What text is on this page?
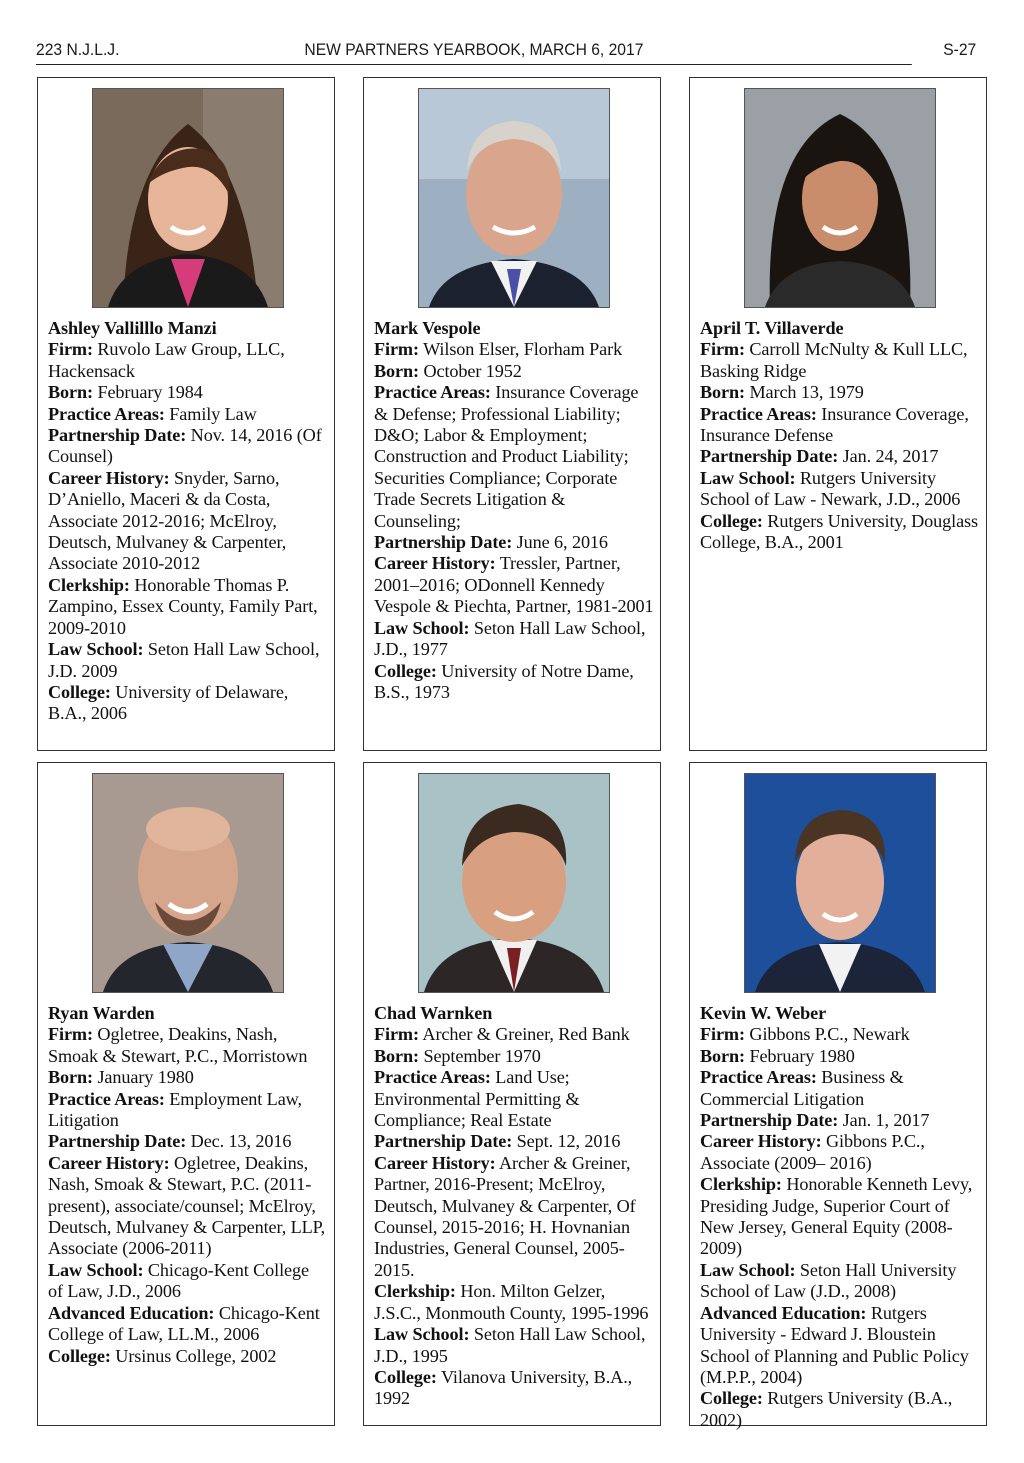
223 N.J.L.J.	NEW PARTNERS YEARBOOK, MARCH 6, 2017	S-27
Ashley Vallilllo Manzi

Firm: Ruvolo Law Group, LLC, Hackensack

Born: February 1984

Practice Areas: Family Law

Partnership Date: Nov. 14, 2016 (Of Counsel)

Career History: Snyder, Sarno, D’Aniello, Maceri & da Costa, Associate 2012-2016; McElroy, Deutsch, Mulvaney & Carpenter, Associate 2010-2012

Clerkship: Honorable Thomas P. Zampino, Essex County, Family Part, 2009-2010

Law School: Seton Hall Law School, J.D. 2009

College: University of Delaware, B.A., 2006

Mark Vespole

Firm: Wilson Elser, Florham Park

Born: October 1952

Practice Areas: Insurance Coverage & Defense; Professional Liability; D&O; Labor & Employment; Construction and Product Liability; Securities Compliance; Corporate Trade Secrets Litigation & Counseling;

Partnership Date: June 6, 2016

Career History: Tressler, Partner, 2001–2016; ODonnell Kennedy Vespole & Piechta, Partner, 1981-2001

Law School: Seton Hall Law School, J.D., 1977

College: University of Notre Dame, B.S., 1973

April T. Villaverde

Firm: Carroll McNulty & Kull LLC, Basking Ridge

Born: March 13, 1979

Practice Areas: Insurance Coverage, Insurance Defense

Partnership Date: Jan. 24, 2017

Law School: Rutgers University School of Law - Newark, J.D., 2006

College: Rutgers University, Douglass College, B.A., 2001

Ryan Warden

Firm: Ogletree, Deakins, Nash, Smoak & Stewart, P.C., Morristown

Born: January 1980

Practice Areas: Employment Law, Litigation

Partnership Date: Dec. 13, 2016

Career History: Ogletree, Deakins, Nash, Smoak & Stewart, P.C. (2011-present), associate/counsel; McElroy, Deutsch, Mulvaney & Carpenter, LLP, Associate (2006-2011)

Law School: Chicago-Kent College of Law, J.D., 2006

Advanced Education: Chicago-Kent College of Law, LL.M., 2006

College: Ursinus College, 2002

Chad Warnken

Firm: Archer & Greiner, Red Bank

Born: September 1970

Practice Areas: Land Use; Environmental Permitting & Compliance; Real Estate

Partnership Date: Sept. 12, 2016

Career History: Archer & Greiner, Partner, 2016-Present; McElroy, Deutsch, Mulvaney & Carpenter, Of Counsel, 2015-2016; H. Hovnanian Industries, General Counsel, 2005-2015.

Clerkship: Hon. Milton Gelzer, J.S.C., Monmouth County, 1995-1996

Law School: Seton Hall Law School, J.D., 1995

College: Vilanova University, B.A., 1992

Kevin W. Weber

Firm: Gibbons P.C., Newark

Born: February 1980

Practice Areas: Business & Commercial Litigation

Partnership Date: Jan. 1, 2017

Career History: Gibbons P.C., Associate (2009– 2016)

Clerkship: Honorable Kenneth Levy, Presiding Judge, Superior Court of New Jersey, General Equity (2008-2009)

Law School: Seton Hall University School of Law (J.D., 2008)

Advanced Education: Rutgers University - Edward J. Bloustein School of Planning and Public Policy (M.P.P., 2004)

College: Rutgers University (B.A., 2002)
